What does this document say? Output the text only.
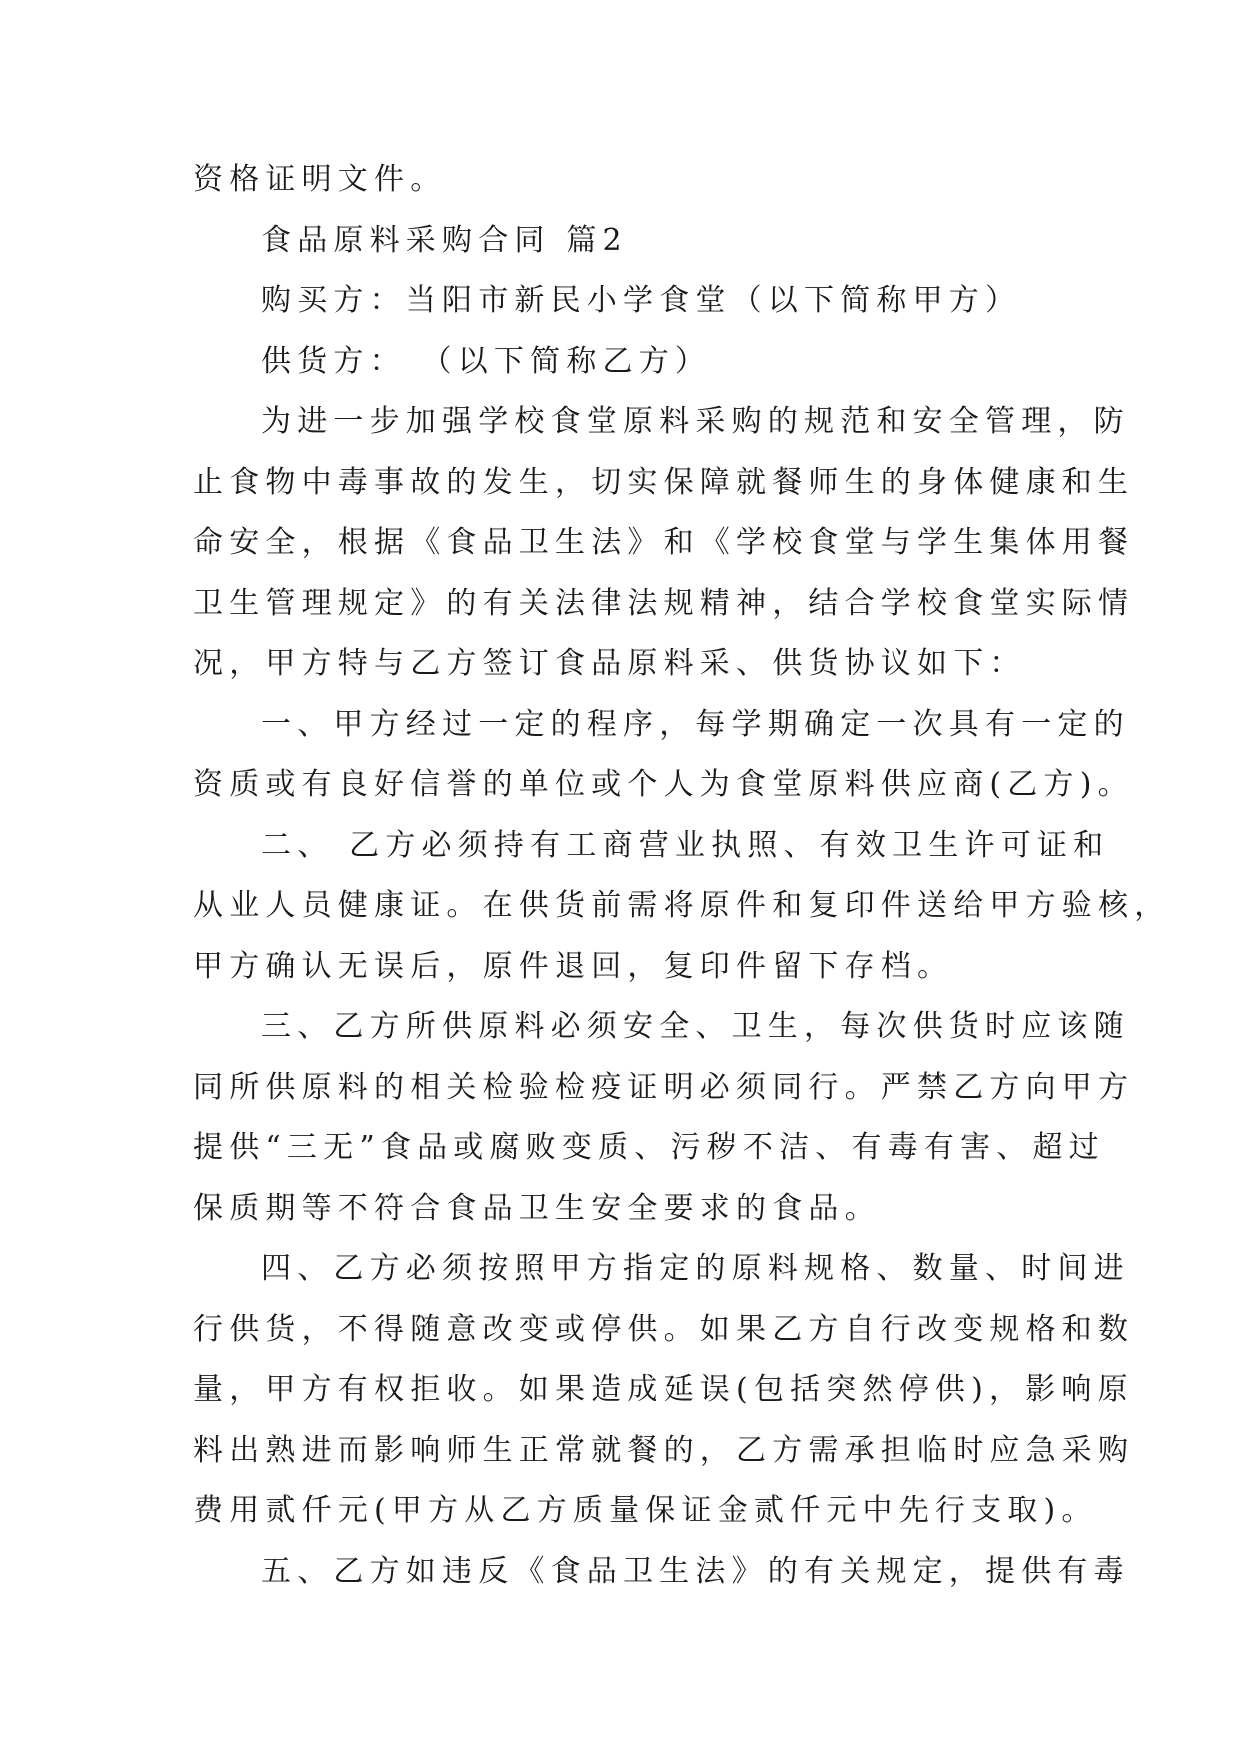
资格证明文件。
食品原料采购合同 篇2
购买方：当阳市新民小学食堂（以下简称甲方）
供货方： （以下简称乙方）
为进一步加强学校食堂原料采购的规范和安全管理，防
止食物中毒事故的发生，切实保障就餐师生的身体健康和生
命安全，根据《食品卫生法》和《学校食堂与学生集体用餐
卫生管理规定》的有关法律法规精神，结合学校食堂实际情
况，甲方特与乙方签订食品原料采、供货协议如下：
一、甲方经过一定的程序，每学期确定一次具有一定的
资质或有良好信誉的单位或个人为食堂原料供应商(乙方)。
二、 乙方必须持有工商营业执照、有效卫生许可证和
从业人员健康证。在供货前需将原件和复印件送给甲方验核，
甲方确认无误后，原件退回，复印件留下存档。
三、乙方所供原料必须安全、卫生，每次供货时应该随
同所供原料的相关检验检疫证明必须同行。严禁乙方向甲方
提供“三无”食品或腐败变质、污秽不洁、有毒有害、超过
保质期等不符合食品卫生安全要求的食品。
四、乙方必须按照甲方指定的原料规格、数量、时间进
行供货，不得随意改变或停供。如果乙方自行改变规格和数
量，甲方有权拒收。如果造成延误(包括突然停供)，影响原
料出熟进而影响师生正常就餐的，乙方需承担临时应急采购
费用贰仟元(甲方从乙方质量保证金贰仟元中先行支取)。
五、乙方如违反《食品卫生法》的有关规定，提供有毒
